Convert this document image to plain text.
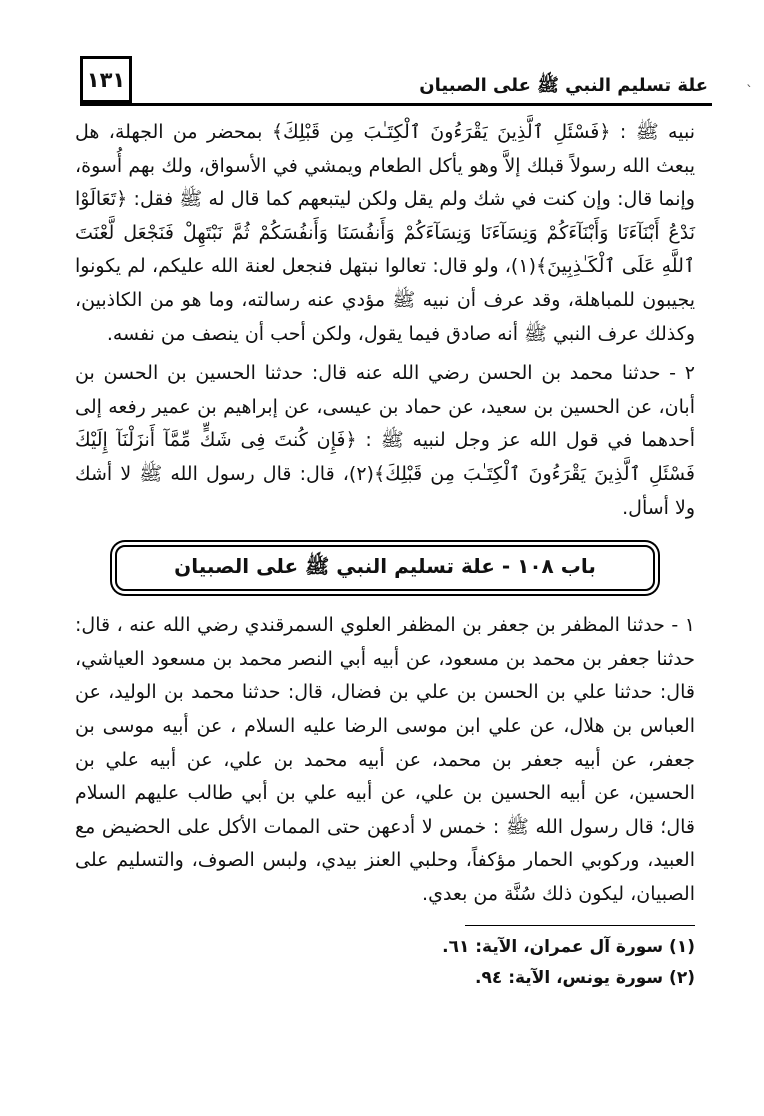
علة تسليم النبي ﷺ على الصبيان
١٣١
`

نبيه ﷺ : ﴿فَسْئَلِ ٱلَّذِينَ يَقْرَءُونَ ٱلْكِتَـٰبَ مِن قَبْلِكَ﴾ بمحضر من الجهلة، هل يبعث الله رسولاً قبلك إلاَّ وهو يأكل الطعام ويمشي في الأسواق، ولك بهم أُسوة، وإنما قال: وإن كنت في شك ولم يقل ولكن ليتبعهم كما قال له ﷺ فقل: ﴿تَعَالَوْا نَدْعُ أَبْنَآءَنَا وَأَبْنَآءَكُمْ وَنِسَآءَنَا وَنِسَآءَكُمْ وَأَنفُسَنَا وَأَنفُسَكُمْ ثُمَّ نَبْتَهِلْ فَنَجْعَل لَّعْنَتَ ٱللَّهِ عَلَى ٱلْكَـٰذِبِينَ﴾(١)، ولو قال: تعالوا نبتهل فنجعل لعنة الله عليكم، لم يكونوا يجيبون للمباهلة، وقد عرف أن نبيه ﷺ مؤدي عنه رسالته، وما هو من الكاذبين، وكذلك عرف النبي ﷺ أنه صادق فيما يقول، ولكن أحب أن ينصف من نفسه.

٢ - حدثنا محمد بن الحسن رضي الله عنه قال: حدثنا الحسين بن الحسن بن أبان، عن الحسين بن سعيد، عن حماد بن عيسى، عن إبراهيم بن عمير رفعه إلى أحدهما في قول الله عز وجل لنبيه ﷺ : ﴿فَإِن كُنتَ فِى شَكٍّ مِّمَّآ أَنزَلْنَآ إِلَيْكَ فَسْئَلِ ٱلَّذِينَ يَقْرَءُونَ ٱلْكِتَـٰبَ مِن قَبْلِكَ﴾(٢)، قال: قال رسول الله ﷺ لا أشك ولا أسأل.

باب ١٠٨ - علة تسليم النبي ﷺ على الصبيان

١ - حدثنا المظفر بن جعفر بن المظفر العلوي السمرقندي رضي الله عنه ، قال: حدثنا جعفر بن محمد بن مسعود، عن أبيه أبي النصر محمد بن مسعود العياشي، قال: حدثنا علي بن الحسن بن علي بن فضال، قال: حدثنا محمد بن الوليد، عن العباس بن هلال، عن علي ابن موسى الرضا عليه السلام ، عن أبيه موسى بن جعفر، عن أبيه جعفر بن محمد، عن أبيه محمد بن علي، عن أبيه علي بن الحسين، عن أبيه الحسين بن علي، عن أبيه علي بن أبي طالب عليهم السلام قال؛ قال رسول الله ﷺ : خمس لا أدعهن حتى الممات الأكل على الحضيض مع العبيد، وركوبي الحمار مؤكفاً، وحلبي العنز بيدي، ولبس الصوف، والتسليم على الصبيان، ليكون ذلك سُنَّة من بعدي.

(١) سورة آل عمران، الآية: ٦١.

(٢) سورة يونس، الآية: ٩٤.
